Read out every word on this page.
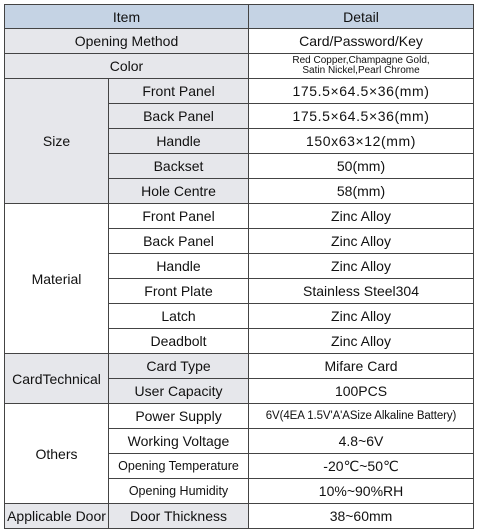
Item		Detail
Opening Method		Card/Password/Key
Color		Red Copper,Champagne Gold,
Satin Nickel,Pearl Chrome
Size	Front Panel	175.5×64.5×36(mm)
	Back Panel	175.5×64.5×36(mm)
	Handle	150x63×12(mm)
	Backset	50(mm)
	Hole Centre	58(mm)
Material	Front Panel	Zinc Alloy
	Back Panel	Zinc Alloy
	Handle	Zinc Alloy
	Front Plate	Stainless Steel304
	Latch	Zinc Alloy
	Deadbolt	Zinc Alloy
CardTechnical	Card Type	Mifare Card
	User Capacity	100PCS
Others	Power Supply	6V(4EA 1.5V'A'ASize Alkaline Battery)
	Working Voltage	4.8~6V
	Opening Temperature	-20℃~50℃
	Opening Humidity	10%~90%RH
Applicable Door	Door Thickness	38~60mm
